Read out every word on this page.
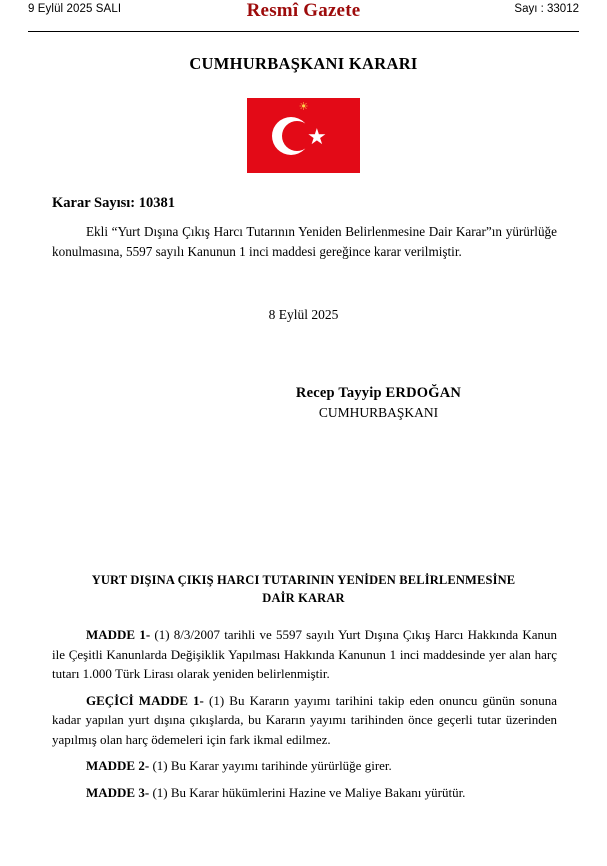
9 Eylül 2025 SALI	Resmî Gazete	Sayı : 33012
CUMHURBAŞKANI KARARI
☀
★
Karar Sayısı: 10381
Ekli “Yurt Dışına Çıkış Harcı Tutarının Yeniden Belirlenmesine Dair Karar”ın yürürlüğe konulmasına, 5597 sayılı Kanunun 1 inci maddesi gereğince karar verilmiştir.
8 Eylül 2025
Recep Tayyip ERDOĞAN
CUMHURBAŞKANI
YURT DIŞINA ÇIKIŞ HARCI TUTARININ YENİDEN BELİRLENMESİNE
DAİR KARAR
MADDE 1- (1) 8/3/2007 tarihli ve 5597 sayılı Yurt Dışına Çıkış Harcı Hakkında Kanun ile Çeşitli Kanunlarda Değişiklik Yapılması Hakkında Kanunun 1 inci maddesinde yer alan harç tutarı 1.000 Türk Lirası olarak yeniden belirlenmiştir.
GEÇİCİ MADDE 1- (1) Bu Kararın yayımı tarihini takip eden onuncu günün sonuna kadar yapılan yurt dışına çıkışlarda, bu Kararın yayımı tarihinden önce geçerli tutar üzerinden yapılmış olan harç ödemeleri için fark ikmal edilmez.
MADDE 2- (1) Bu Karar yayımı tarihinde yürürlüğe girer.
MADDE 3- (1) Bu Karar hükümlerini Hazine ve Maliye Bakanı yürütür.
